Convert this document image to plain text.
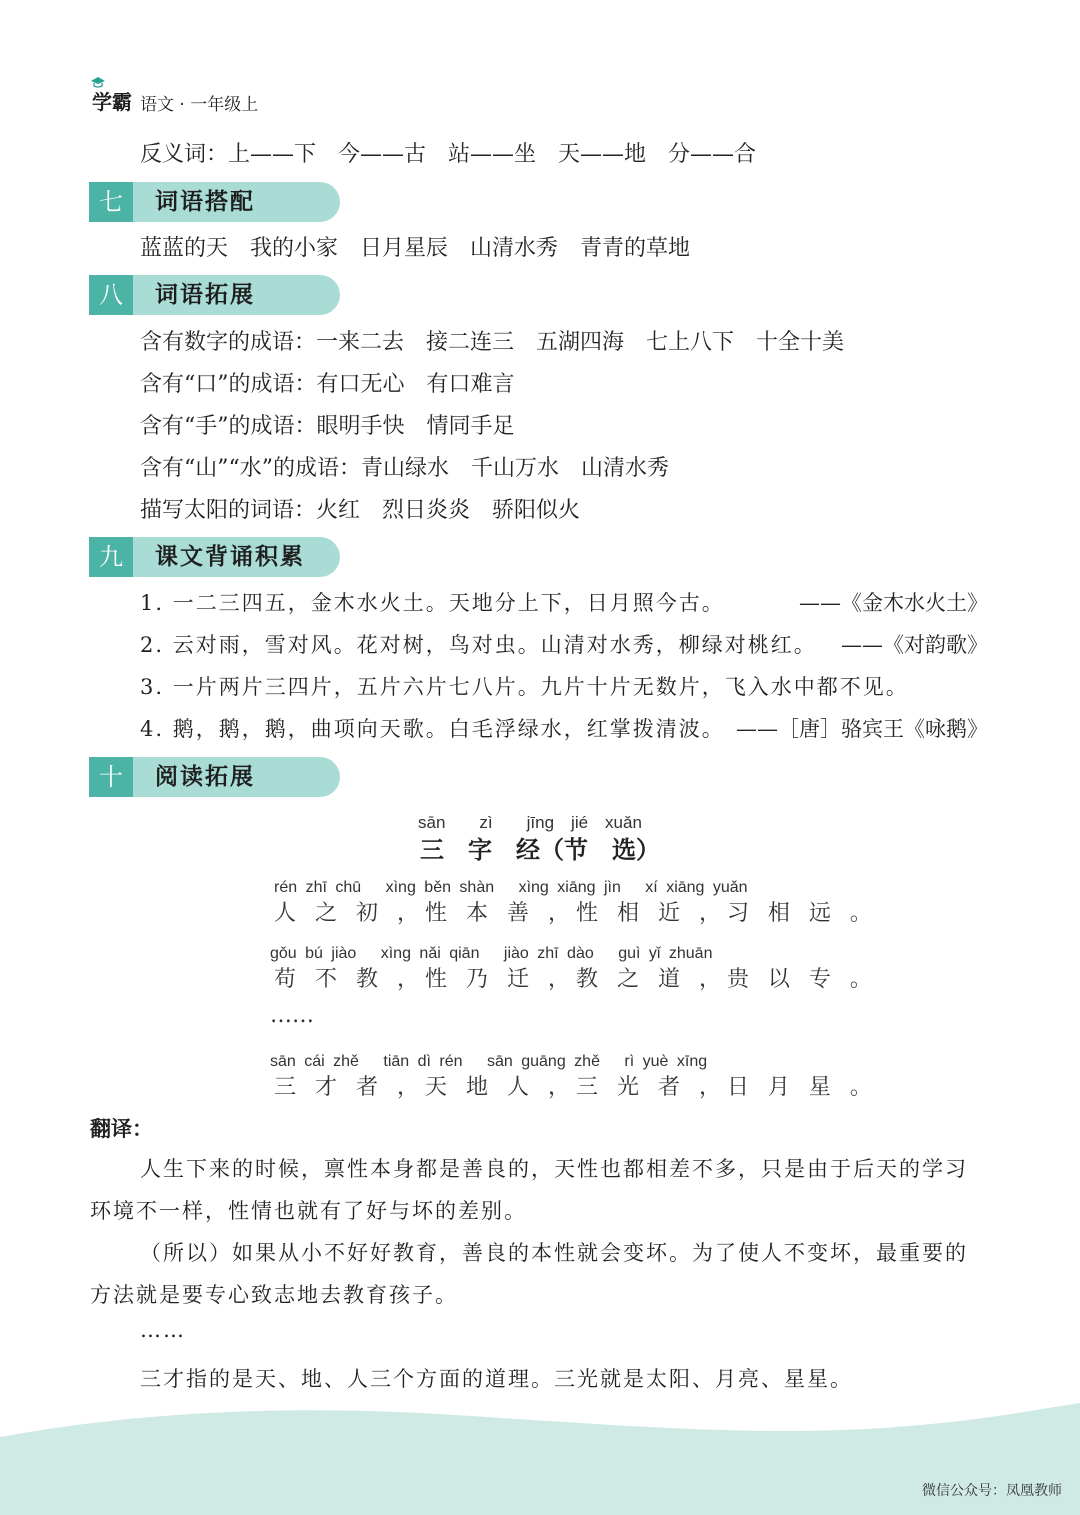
学霸 语文 · 一年级上
反义词：上——下　今——古　站——坐　天——地　分——合
七	词语搭配
蓝蓝的天　我的小家　日月星辰　山清水秀　青青的草地
八	词语拓展
含有数字的成语：一来二去　接二连三　五湖四海　七上八下　十全十美
含有“口”的成语：有口无心　有口难言
含有“手”的成语：眼明手快　情同手足
含有“山”“水”的成语：青山绿水　千山万水　山清水秀
描写太阳的词语：火红　烈日炎炎　骄阳似火
九	课文背诵积累
1. 一二三四五，金木水火土。天地分上下，日月照今古。	——《金木水火土》
2. 云对雨，雪对风。花对树，鸟对虫。山清对水秀，柳绿对桃红。 ——《对韵歌》
3. 一片两片三四片，五片六片七八片。九片十片无数片，飞入水中都不见。
4. 鹅，鹅，鹅，曲项向天歌。白毛浮绿水，红掌拨清波。 ——［唐］骆宾王《咏鹅》
十	阅读拓展
sān　　zì　　jīng　jié　xuǎn
三　字　经（节　选）
rén zhī chū　 xìng běn shàn　 xìng xiāng jìn　 xí xiāng yuǎn
人 之 初 ，性 本 善 ，性 相 近 ，习 相 远 。
gǒu bú jiào　 xìng nǎi qiān　 jiào zhī dào　 guì yǐ zhuān
苟 不 教 ，性 乃 迁 ，教 之 道 ，贵 以 专 。
……
sān cái zhě　 tiān dì rén　 sān guāng zhě　 rì yuè xīng
三 才 者 ，天 地 人 ，三 光 者 ，日 月 星 。
翻译：
人生下来的时候，禀性本身都是善良的，天性也都相差不多，只是由于后天的学习
环境不一样，性情也就有了好与坏的差别。
（所以）如果从小不好好教育，善良的本性就会变坏。为了使人不变坏，最重要的
方法就是要专心致志地去教育孩子。
……
三才指的是天、地、人三个方面的道理。三光就是太阳、月亮、星星。
微信公众号：凤凰教师
